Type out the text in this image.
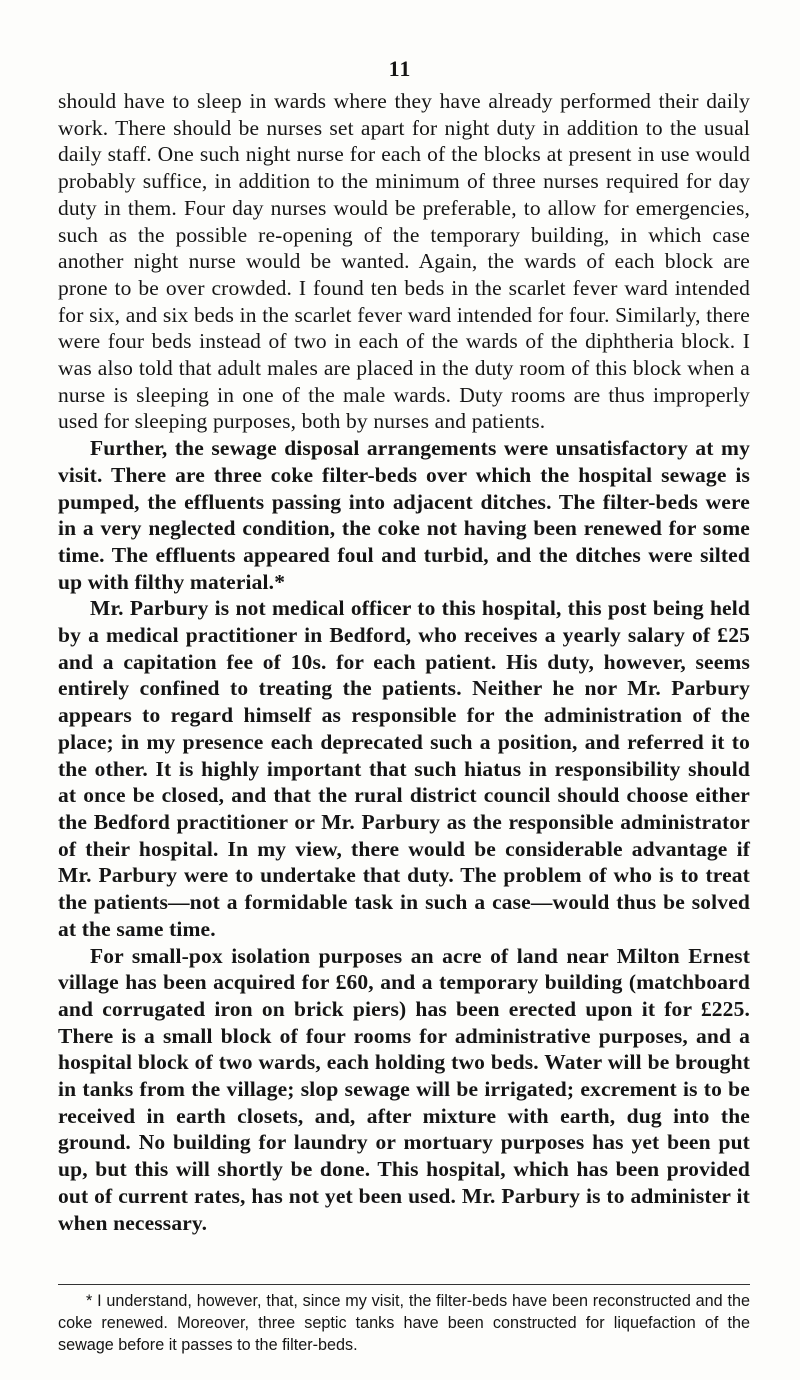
11

should have to sleep in wards where they have already performed their daily work. There should be nurses set apart for night duty in addition to the usual daily staff. One such night nurse for each of the blocks at present in use would probably suffice, in addition to the minimum of three nurses required for day duty in them. Four day nurses would be preferable, to allow for emergencies, such as the possible re-opening of the temporary building, in which case another night nurse would be wanted. Again, the wards of each block are prone to be over crowded. I found ten beds in the scarlet fever ward intended for six, and six beds in the scarlet fever ward intended for four. Similarly, there were four beds instead of two in each of the wards of the diphtheria block. I was also told that adult males are placed in the duty room of this block when a nurse is sleeping in one of the male wards. Duty rooms are thus improperly used for sleeping purposes, both by nurses and patients.

Further, the sewage disposal arrangements were unsatisfactory at my visit. There are three coke filter-beds over which the hospital sewage is pumped, the effluents passing into adjacent ditches. The filter-beds were in a very neglected condition, the coke not having been renewed for some time. The effluents appeared foul and turbid, and the ditches were silted up with filthy material.*

Mr. Parbury is not medical officer to this hospital, this post being held by a medical practitioner in Bedford, who receives a yearly salary of £25 and a capitation fee of 10s. for each patient. His duty, however, seems entirely confined to treating the patients. Neither he nor Mr. Parbury appears to regard himself as responsible for the administration of the place; in my presence each deprecated such a position, and referred it to the other. It is highly important that such hiatus in responsibility should at once be closed, and that the rural district council should choose either the Bedford practitioner or Mr. Parbury as the responsible administrator of their hospital. In my view, there would be considerable advantage if Mr. Parbury were to undertake that duty. The problem of who is to treat the patients—not a formidable task in such a case—would thus be solved at the same time.

For small-pox isolation purposes an acre of land near Milton Ernest village has been acquired for £60, and a temporary building (matchboard and corrugated iron on brick piers) has been erected upon it for £225. There is a small block of four rooms for administrative purposes, and a hospital block of two wards, each holding two beds. Water will be brought in tanks from the village; slop sewage will be irrigated; excrement is to be received in earth closets, and, after mixture with earth, dug into the ground. No building for laundry or mortuary purposes has yet been put up, but this will shortly be done. This hospital, which has been provided out of current rates, has not yet been used. Mr. Parbury is to administer it when necessary.

* I understand, however, that, since my visit, the filter-beds have been reconstructed and the coke renewed. Moreover, three septic tanks have been constructed for liquefaction of the sewage before it passes to the filter-beds.
